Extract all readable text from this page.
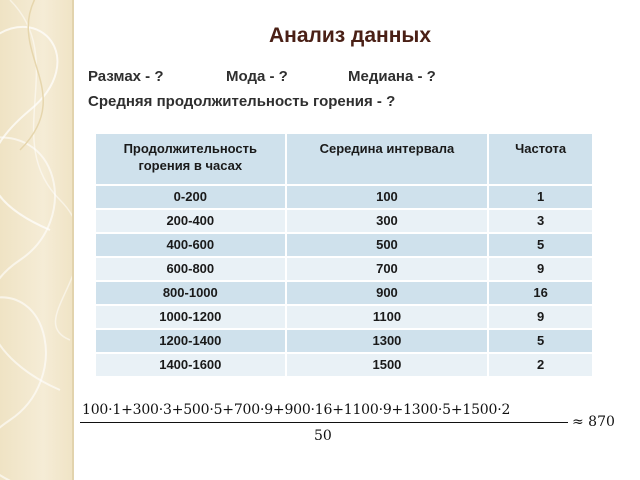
Анализ данных
Размах - ?	Мода - ?	Медиана - ?
Средняя продолжительность горения - ?
Продолжительность
горения в часах	Середина интервала	Частота
0-200	100	1
200-400	300	3
400-600	500	5
600-800	700	9
800-1000	900	16
1000-1200	1100	9
1200-1400	1300	5
1400-1600	1500	2
100·1+300·3+500·5+700·9+900·16+1100·9+1300·5+1500·2
50
≈ 870
